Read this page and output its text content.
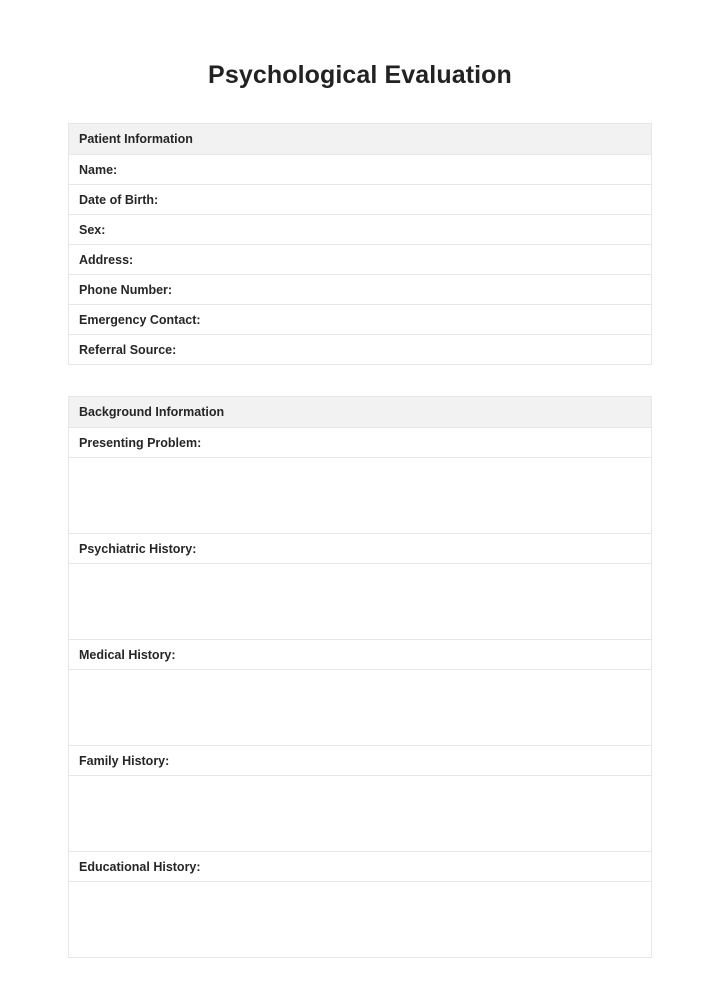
Psychological Evaluation
Patient Information
Name:
Date of Birth:
Sex:
Address:
Phone Number:
Emergency Contact:
Referral Source:
Background Information
Presenting Problem:

Psychiatric History:

Medical History:

Family History:

Educational History:
